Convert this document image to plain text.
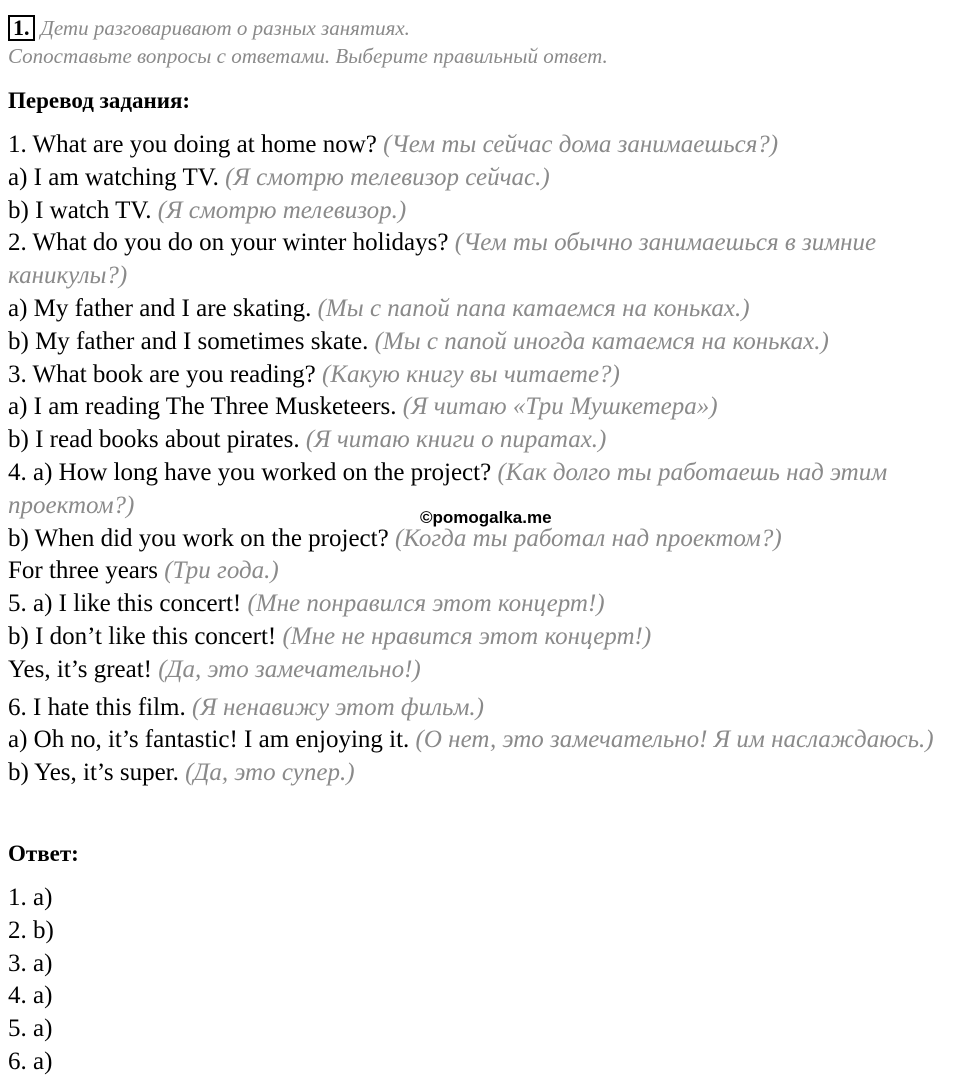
1. Дети разговаривают о разных занятиях.
Сопоставьте вопросы с ответами. Выберите правильный ответ.
Перевод задания:
1. What are you doing at home now? (Чем ты сейчас дома занимаешься?)
a) I am watching TV. (Я смотрю телевизор сейчас.)
b) I watch TV. (Я смотрю телевизор.)
2. What do you do on your winter holidays? (Чем ты обычно занимаешься в зимние каникулы?)
a) My father and I are skating. (Мы с папой папа катаемся на коньках.)
b) My father and I sometimes skate. (Мы с папой иногда катаемся на коньках.)
3. What book are you reading? (Какую книгу вы читаете?)
a) I am reading The Three Musketeers. (Я читаю «Три Мушкетера»)
b) I read books about pirates. (Я читаю книги о пиратах.)
4. a) How long have you worked on the project? (Как долго ты работаешь над этим проектом?)
b) When did you work on the project? (Когда ты работал над проектом?)
For three years (Три года.)
5. a) I like this concert! (Мне понравился этот концерт!)
b) I don’t like this concert! (Мне не нравится этот концерт!)
Yes, it’s great! (Да, это замечательно!)
6. I hate this film. (Я ненавижу этот фильм.)
a) Oh no, it’s fantastic! I am enjoying it. (О нет, это замечательно! Я им наслаждаюсь.)
b) Yes, it’s super. (Да, это супер.)
©pomogalka.me
Ответ:
1. a)
2. b)
3. a)
4. a)
5. a)
6. a)
